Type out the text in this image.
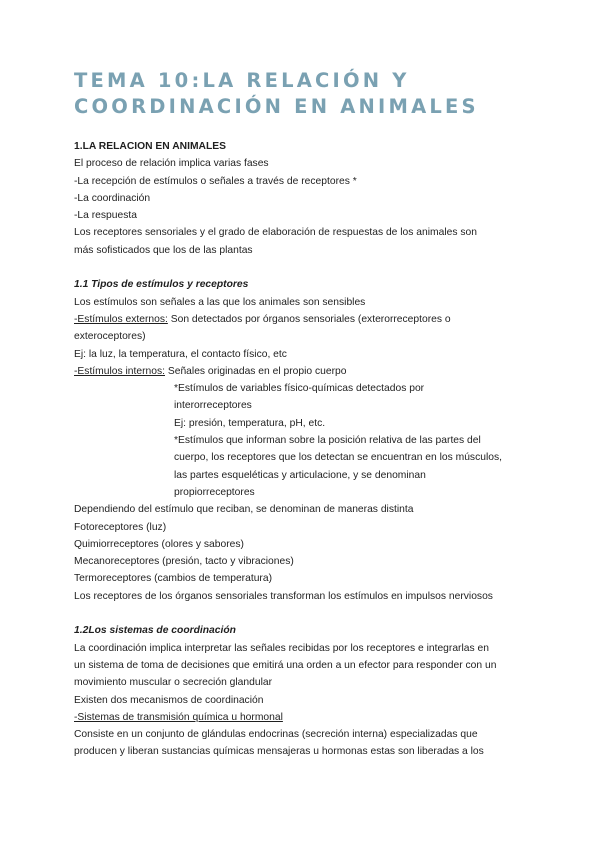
TEMA 10:LA RELACIÓN Y
COORDINACIÓN EN ANIMALES
1.LA RELACION EN ANIMALES
El proceso de relación implica varias fases
-La recepción de estímulos o señales a través de receptores *
-La coordinación
-La respuesta
Los receptores sensoriales y el grado de elaboración de respuestas de los animales son
más sofisticados que los de las plantas
1.1 Tipos de estímulos y receptores
Los estímulos son señales a las que los animales son sensibles
-Estímulos externos: Son detectados por órganos sensoriales (exterorreceptores o
exteroceptores)
Ej: la luz, la temperatura, el contacto físico, etc
-Estímulos internos: Señales originadas en el propio cuerpo
*Estímulos de variables físico-químicas detectados por
interorreceptores
Ej: presión, temperatura, pH, etc.
*Estímulos que informan sobre la posición relativa de las partes del
cuerpo, los receptores que los detectan se encuentran en los músculos,
las partes esqueléticas y articulacione, y se denominan
propiorreceptores
Dependiendo del estímulo que reciban, se denominan de maneras distinta
Fotoreceptores (luz)
Quimiorreceptores (olores y sabores)
Mecanoreceptores (presión, tacto y vibraciones)
Termoreceptores (cambios de temperatura)
Los receptores de los órganos sensoriales transforman los estímulos en impulsos nerviosos
1.2Los sistemas de coordinación
La coordinación implica interpretar las señales recibidas por los receptores e integrarlas en
un sistema de toma de decisiones que emitirá una orden a un efector para responder con un
movimiento muscular o secreción glandular
Existen dos mecanismos de coordinación
-Sistemas de transmisión química u hormonal
Consiste en un conjunto de glándulas endocrinas (secreción interna) especializadas que
producen y liberan sustancias químicas mensajeras u hormonas estas son liberadas a los
